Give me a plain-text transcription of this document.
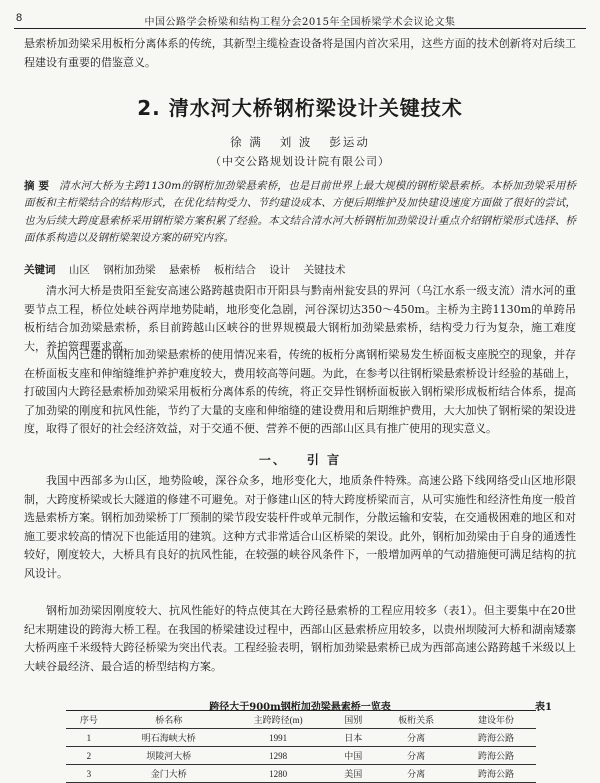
8	中国公路学会桥梁和结构工程分会2015年全国桥梁学术会议论文集

悬索桥加劲梁采用板桁分离体系的传统，其新型主缆检查设备将是国内首次采用，这些方面的技术创新将对后续工程建设有重要的借鉴意义。

2. 清水河大桥钢桁梁设计关键技术
徐 满 刘 波 彭运动
（中交公路规划设计院有限公司）

摘 要 清水河大桥为主跨1130m的钢桁加劲梁悬索桥，也是目前世界上最大规模的钢桁梁悬索桥。本桥加劲梁采用桥面板和主桁梁结合的结构形式，在优化结构受力、节约建设成本、方便后期维护及加快建设速度方面做了很好的尝试，也为后续大跨度悬索桥采用钢桁梁方案积累了经验。本文结合清水河大桥钢桁加劲梁设计重点介绍钢桁梁形式选择、桥面体系构造以及钢桁梁架设方案的研究内容。

关键词 山区 钢桁加劲梁 悬索桥 板桁结合 设计 关键技术

清水河大桥是贵阳至瓮安高速公路跨越贵阳市开阳县与黔南州瓮安县的界河（乌江水系一级支流）清水河的重要节点工程，桥位处峡谷两岸地势陡峭，地形变化急剧，河谷深切达350～450m。主桥为主跨1130m的单跨吊板桁结合加劲梁悬索桥，系目前跨越山区峡谷的世界规模最大钢桁加劲梁悬索桥，结构受力行为复杂，施工难度大，养护管理要求高。

从国内已建的钢桁加劲梁悬索桥的使用情况来看，传统的板桁分离钢桁梁易发生桥面板支座脱空的现象，并存在桥面板支座和伸缩缝维护养护难度较大，费用较高等问题。为此，在参考以往钢桁梁悬索桥设计经验的基础上，打破国内大跨径悬索桥加劲梁采用板桁分离体系的传统，将正交异性钢桥面板嵌入钢桁梁形成板桁结合体系，提高了加劲梁的刚度和抗风性能，节约了大量的支座和伸缩缝的建设费用和后期维护费用，大大加快了钢桁梁的架设进度，取得了很好的社会经济效益，对于交通不便、营养不便的西部山区具有推广使用的现实意义。

一、 引 言

我国中西部多为山区，地势险峻，深谷众多，地形变化大，地质条件特殊。高速公路下线网络受山区地形限制，大跨度桥梁或长大隧道的修建不可避免。对于修建山区的特大跨度桥梁而言，从可实施性和经济性角度一般首选悬索桥方案。钢桁加劲梁桥丁厂预制的梁节段安装杆件或单元制作，分散运输和安装，在交通极困难的地区和对施工要求较高的情况下也能适用的建筑。这种方式非常适合山区桥梁的架设。此外，钢桁加劲梁由于自身的通透性较好，刚度较大，大桥具有良好的抗风性能，在较强的峡谷风条件下，一般增加两单的气动措施便可满足结构的抗风设计。

钢桁加劲梁因刚度较大、抗风性能好的特点使其在大跨径悬索桥的工程应用较多（表1）。但主要集中在20世纪末期建设的跨海大桥工程。在我国的桥梁建设过程中，西部山区悬索桥应用较多，以贵州坝陵河大桥和湖南矮寨大桥两座千米级特大跨径桥梁为突出代表。工程经验表明，钢桁加劲梁悬索桥已成为西部高速公路跨越千米级以上大峡谷最经济、最合适的桥型结构方案。

跨径大于900m钢桁加劲梁悬索桥一览表	表1
序号	桥名称	主跨跨径(m)	国别	板桁关系	建设年份
1	明石海峡大桥	1991	日本	分离	跨海公路
2	坝陵河大桥	1298	中国	分离	跨海公路
3	金门大桥	1280	美国	分离	跨海公路
